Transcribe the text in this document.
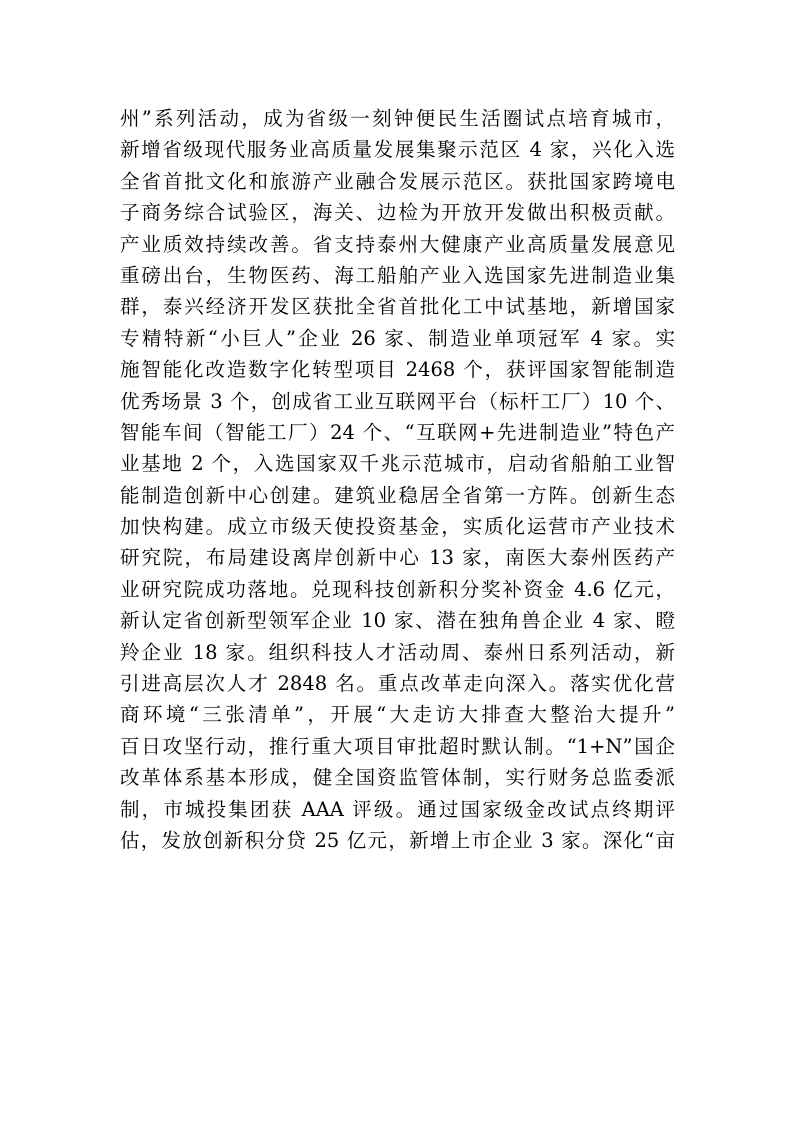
州”系列活动，成为省级一刻钟便民生活圈试点培育城市，
新增省级现代服务业高质量发展集聚示范区 4 家，兴化入选
全省首批文化和旅游产业融合发展示范区。获批国家跨境电
子商务综合试验区，海关、边检为开放开发做出积极贡献。
产业质效持续改善。省支持泰州大健康产业高质量发展意见
重磅出台，生物医药、海工船舶产业入选国家先进制造业集
群，泰兴经济开发区获批全省首批化工中试基地，新增国家
专精特新“小巨人”企业 26 家、制造业单项冠军 4 家。实
施智能化改造数字化转型项目 2468 个，获评国家智能制造
优秀场景 3 个，创成省工业互联网平台（标杆工厂）10 个、
智能车间（智能工厂）24 个、“互联网+先进制造业”特色产
业基地 2 个，入选国家双千兆示范城市，启动省船舶工业智
能制造创新中心创建。建筑业稳居全省第一方阵。创新生态
加快构建。成立市级天使投资基金，实质化运营市产业技术
研究院，布局建设离岸创新中心 13 家，南医大泰州医药产
业研究院成功落地。兑现科技创新积分奖补资金 4.6 亿元，
新认定省创新型领军企业 10 家、潜在独角兽企业 4 家、瞪
羚企业 18 家。组织科技人才活动周、泰州日系列活动，新
引进高层次人才 2848 名。重点改革走向深入。落实优化营
商环境“三张清单”，开展“大走访大排查大整治大提升”
百日攻坚行动，推行重大项目审批超时默认制。“1+N”国企
改革体系基本形成，健全国资监管体制，实行财务总监委派
制，市城投集团获 AAA 评级。通过国家级金改试点终期评
估，发放创新积分贷 25 亿元，新增上市企业 3 家。深化“亩
